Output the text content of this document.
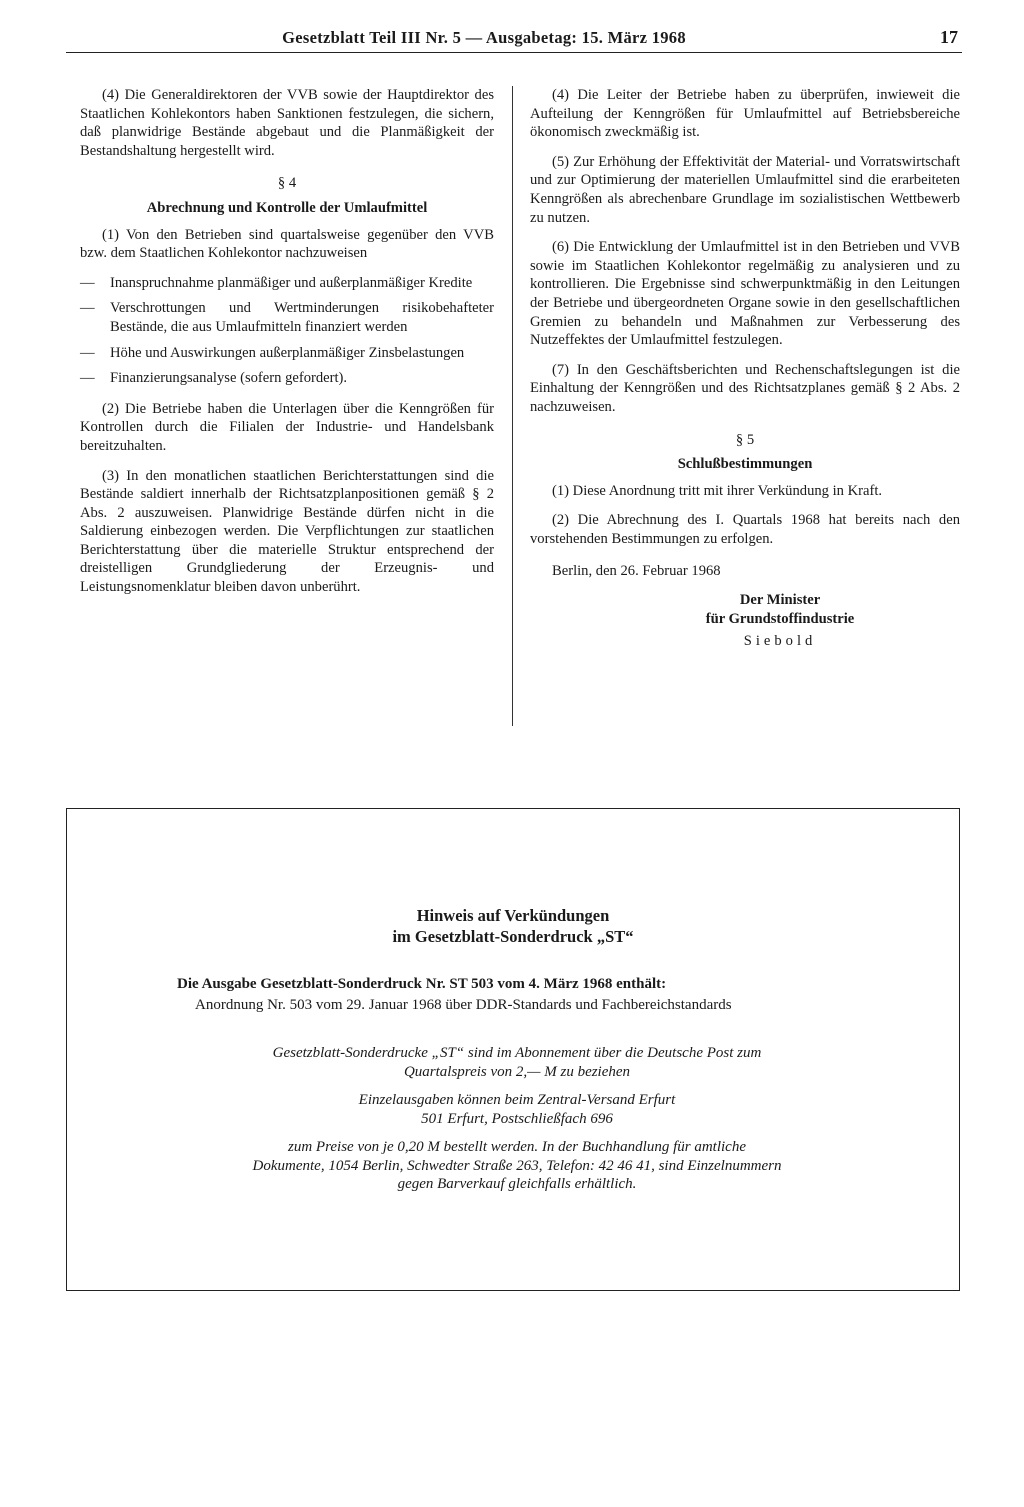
Gesetzblatt Teil III Nr. 5 — Ausgabetag: 15. März 1968	17

(4) Die Generaldirektoren der VVB sowie der Hauptdirektor des Staatlichen Kohlekontors haben Sanktionen festzulegen, die sichern, daß planwidrige Bestände abgebaut und die Planmäßigkeit der Bestandshaltung hergestellt wird.

§ 4
Abrechnung und Kontrolle der Umlaufmittel

(1) Von den Betrieben sind quartalsweise gegenüber den VVB bzw. dem Staatlichen Kohlekontor nachzuweisen

— Inanspruchnahme planmäßiger und außerplanmäßiger Kredite
— Verschrottungen und Wertminderungen risikobehafteter Bestände, die aus Umlaufmitteln finanziert werden
— Höhe und Auswirkungen außerplanmäßiger Zinsbelastungen
— Finanzierungsanalyse (sofern gefordert).

(2) Die Betriebe haben die Unterlagen über die Kenngrößen für Kontrollen durch die Filialen der Industrie- und Handelsbank bereitzuhalten.

(3) In den monatlichen staatlichen Berichterstattungen sind die Bestände saldiert innerhalb der Richtsatzplanpositionen gemäß § 2 Abs. 2 auszuweisen. Planwidrige Bestände dürfen nicht in die Saldierung einbezogen werden. Die Verpflichtungen zur staatlichen Berichterstattung über die materielle Struktur entsprechend der dreistelligen Grundgliederung der Erzeugnis- und Leistungsnomenklatur bleiben davon unberührt.

(4) Die Leiter der Betriebe haben zu überprüfen, inwieweit die Aufteilung der Kenngrößen für Umlaufmittel auf Betriebsbereiche ökonomisch zweckmäßig ist.

(5) Zur Erhöhung der Effektivität der Material- und Vorratswirtschaft und zur Optimierung der materiellen Umlaufmittel sind die erarbeiteten Kenngrößen als abrechenbare Grundlage im sozialistischen Wettbewerb zu nutzen.

(6) Die Entwicklung der Umlaufmittel ist in den Betrieben und VVB sowie im Staatlichen Kohlekontor regelmäßig zu analysieren und zu kontrollieren. Die Ergebnisse sind schwerpunktmäßig in den Leitungen der Betriebe und übergeordneten Organe sowie in den gesellschaftlichen Gremien zu behandeln und Maßnahmen zur Verbesserung des Nutzeffektes der Umlaufmittel festzulegen.

(7) In den Geschäftsberichten und Rechenschaftslegungen ist die Einhaltung der Kenngrößen und des Richtsatzplanes gemäß § 2 Abs. 2 nachzuweisen.

§ 5
Schlußbestimmungen

(1) Diese Anordnung tritt mit ihrer Verkündung in Kraft.

(2) Die Abrechnung des I. Quartals 1968 hat bereits nach den vorstehenden Bestimmungen zu erfolgen.

Berlin, den 26. Februar 1968
Der Minister
für Grundstoffindustrie
Siebold
Hinweis auf Verkündungen
im Gesetzblatt-Sonderdruck „ST“
Die Ausgabe Gesetzblatt-Sonderdruck Nr. ST 503 vom 4. März 1968 enthält:
Anordnung Nr. 503 vom 29. Januar 1968 über DDR-Standards und Fachbereichstandards
Gesetzblatt-Sonderdrucke „ST“ sind im Abonnement über die Deutsche Post zum
Quartalspreis von 2,— M zu beziehen
Einzelausgaben können beim Zentral-Versand Erfurt
501 Erfurt, Postschließfach 696
zum Preise von je 0,20 M bestellt werden. In der Buchhandlung für amtliche
Dokumente, 1054 Berlin, Schwedter Straße 263, Telefon: 42 46 41, sind Einzelnummern
gegen Barverkauf gleichfalls erhältlich.
